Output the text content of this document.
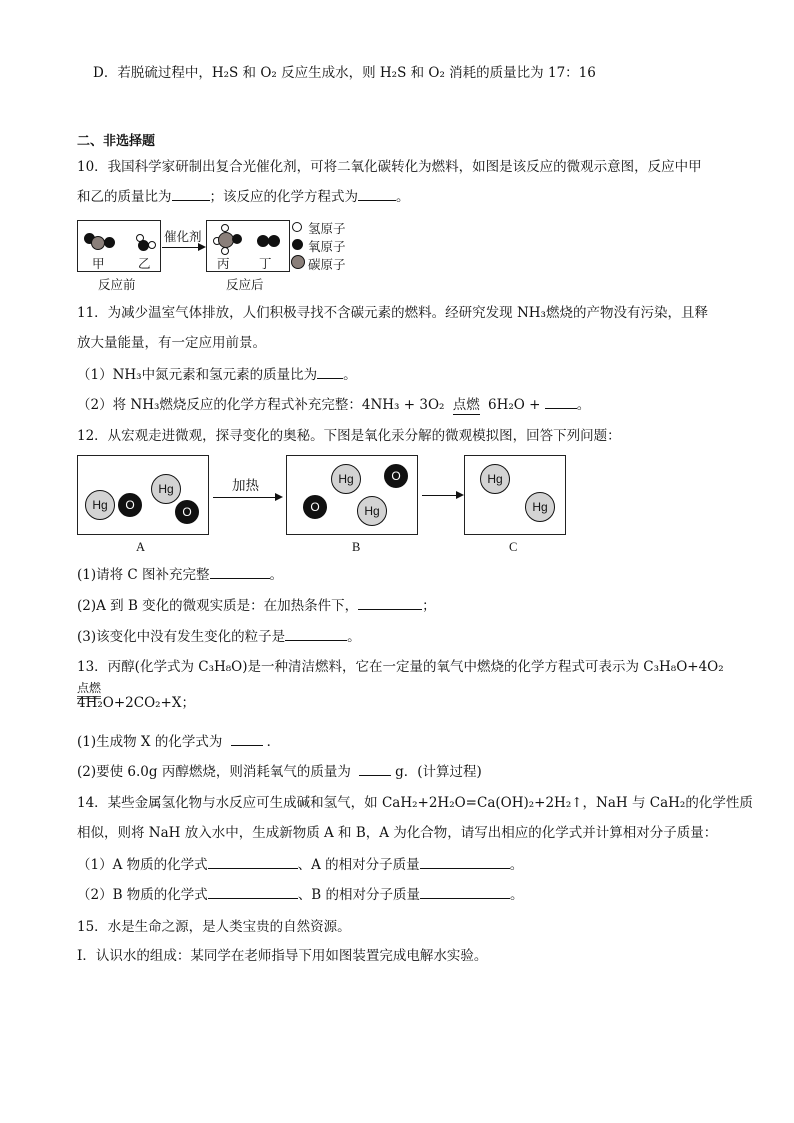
D．若脱硫过程中，H₂S 和 O₂ 反应生成水，则 H₂S 和 O₂ 消耗的质量比为 17：16
二、非选择题
10．我国科学家研制出复合光催化剂，可将二氧化碳转化为燃料，如图是该反应的微观示意图，反应中甲
和乙的质量比为	；该反应的化学方程式为	。
甲	乙
催化剂
丙 丁
反应前	反应后
氢原子
氧原子
碳原子
11．为减少温室气体排放，人们积极寻找不含碳元素的燃料。经研究发现 NH₃燃烧的产物没有污染，且释
放大量能量，有一定应用前景。
（1）NH₃中氮元素和氢元素的质量比为 。
（2）将 NH₃燃烧反应的化学方程式补充完整：4NH₃ + 3O₂ 点燃 6H₂O +	。
12．从宏观走进微观，探寻变化的奥秘。下图是氧化汞分解的微观模拟图，回答下列问题：
Hg	O
Hg
O
加热	Hg	O
O	Hg
Hg
Hg
A	B	C
(1)请将 C 图补充完整	。
(2)A 到 B 变化的微观实质是：在加热条件下，	；
(3)该变化中没有发生变化的粒子是	。
13．丙醇(化学式为 C₃H₈O)是一种清洁燃料，它在一定量的氧气中燃烧的化学方程式可表示为 C₃H₈O+4O₂
点燃
4H₂O+2CO₂+X；
(1)生成物 X 的化学式为	．
(2)要使 6.0g 丙醇燃烧，则消耗氧气的质量为	g．(计算过程)
14．某些金属氢化物与水反应可生成碱和氢气，如 CaH₂+2H₂O=Ca(OH)₂+2H₂↑，NaH 与 CaH₂的化学性质
相似，则将 NaH 放入水中，生成新物质 A 和 B，A 为化合物，请写出相应的化学式并计算相对分子质量：
（1）A 物质的化学式	、A 的相对分子质量	。
（2）B 物质的化学式	、B 的相对分子质量	。
15．水是生命之源，是人类宝贵的自然资源。
Ⅰ．认识水的组成：某同学在老师指导下用如图装置完成电解水实验。
